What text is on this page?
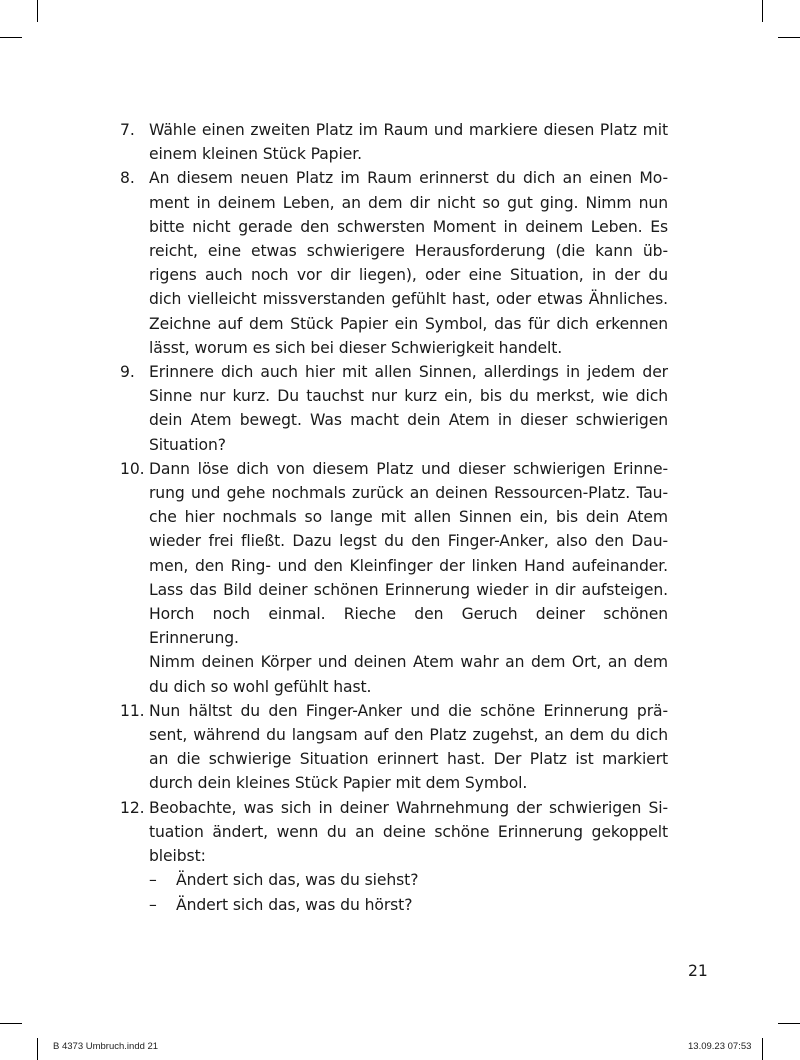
7. Wähle einen zweiten Platz im Raum und markiere diesen Platz mit
einem kleinen Stück Papier.
8. An diesem neuen Platz im Raum erinnerst du dich an einen Mo-
ment in deinem Leben, an dem dir nicht so gut ging. Nimm nun
bitte nicht gerade den schwersten Moment in deinem Leben. Es
reicht, eine etwas schwierigere Herausforderung (die kann üb-
rigens auch noch vor dir liegen), oder eine Situation, in der du
dich vielleicht missverstanden gefühlt hast, oder etwas Ähnliches.
Zeichne auf dem Stück Papier ein Symbol, das für dich erkennen
lässt, worum es sich bei dieser Schwierigkeit handelt.
9. Erinnere dich auch hier mit allen Sinnen, allerdings in jedem der
Sinne nur kurz. Du tauchst nur kurz ein, bis du merkst, wie dich
dein Atem bewegt. Was macht dein Atem in dieser schwierigen
Situation?
10. Dann löse dich von diesem Platz und dieser schwierigen Erinne-
rung und gehe nochmals zurück an deinen Ressourcen-Platz. Tau-
che hier nochmals so lange mit allen Sinnen ein, bis dein Atem
wieder frei fließt. Dazu legst du den Finger-Anker, also den Dau-
men, den Ring- und den Kleinfinger der linken Hand aufeinander.
Lass das Bild deiner schönen Erinnerung wieder in dir aufsteigen.
Horch noch einmal. Rieche den Geruch deiner schönen Erinnerung.
Nimm deinen Körper und deinen Atem wahr an dem Ort, an dem
du dich so wohl gefühlt hast.
11. Nun hältst du den Finger-Anker und die schöne Erinnerung prä-
sent, während du langsam auf den Platz zugehst, an dem du dich
an die schwierige Situation erinnert hast. Der Platz ist markiert
durch dein kleines Stück Papier mit dem Symbol.
12. Beobachte, was sich in deiner Wahrnehmung der schwierigen Si-
tuation ändert, wenn du an deine schöne Erinnerung gekoppelt
bleibst:
–	Ändert sich das, was du siehst?
–	Ändert sich das, was du hörst?
21
B 4373 Umbruch.indd 21	13.09.23 07:53
